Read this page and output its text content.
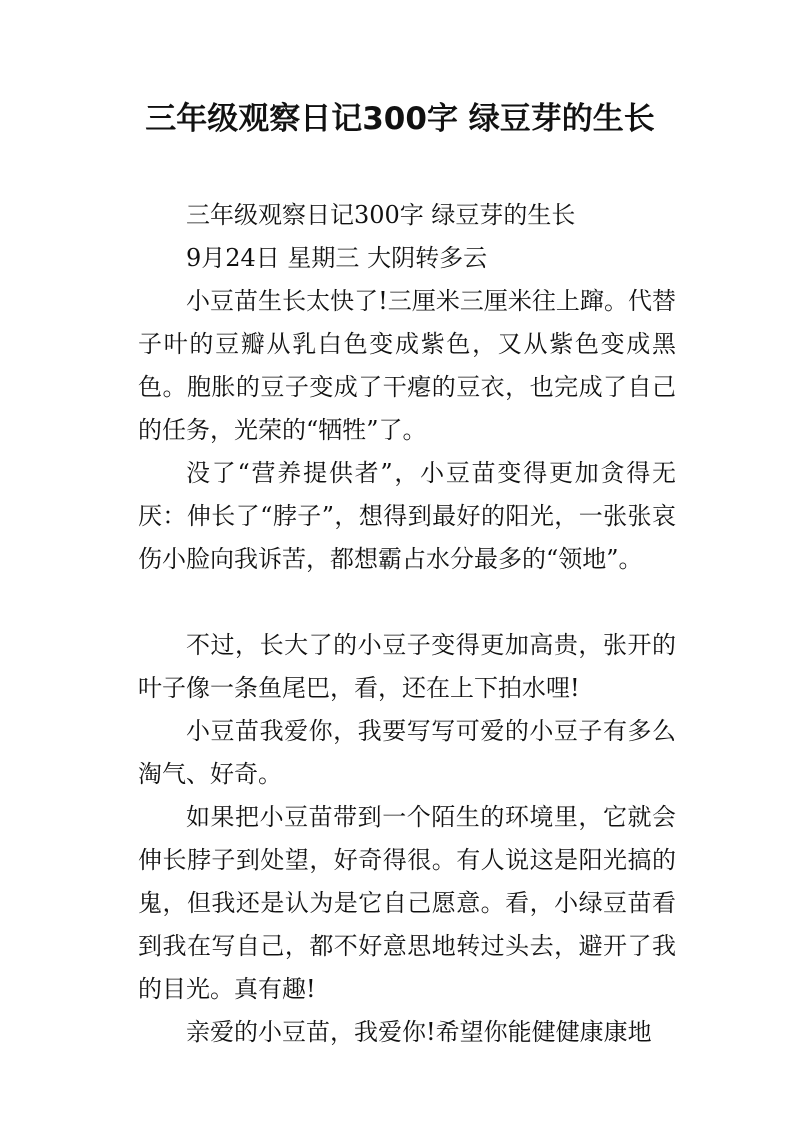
三年级观察日记300字 绿豆芽的生长

三年级观察日记300字 绿豆芽的生长

9月24日 星期三 大阴转多云

小豆苗生长太快了!三厘米三厘米往上蹿。代替子叶的豆瓣从乳白色变成紫色，又从紫色变成黑色。胞胀的豆子变成了干瘪的豆衣，也完成了自己的任务，光荣的“牺牲”了。

没了“营养提供者”，小豆苗变得更加贪得无厌：伸长了“脖子”，想得到最好的阳光，一张张哀伤小脸向我诉苦，都想霸占水分最多的“领地”。

不过，长大了的小豆子变得更加高贵，张开的叶子像一条鱼尾巴，看，还在上下拍水哩!

小豆苗我爱你，我要写写可爱的小豆子有多么淘气、好奇。

如果把小豆苗带到一个陌生的环境里，它就会伸长脖子到处望，好奇得很。有人说这是阳光搞的鬼，但我还是认为是它自己愿意。看，小绿豆苗看到我在写自己，都不好意思地转过头去，避开了我的目光。真有趣!

亲爱的小豆苗，我爱你!希望你能健健康康地
